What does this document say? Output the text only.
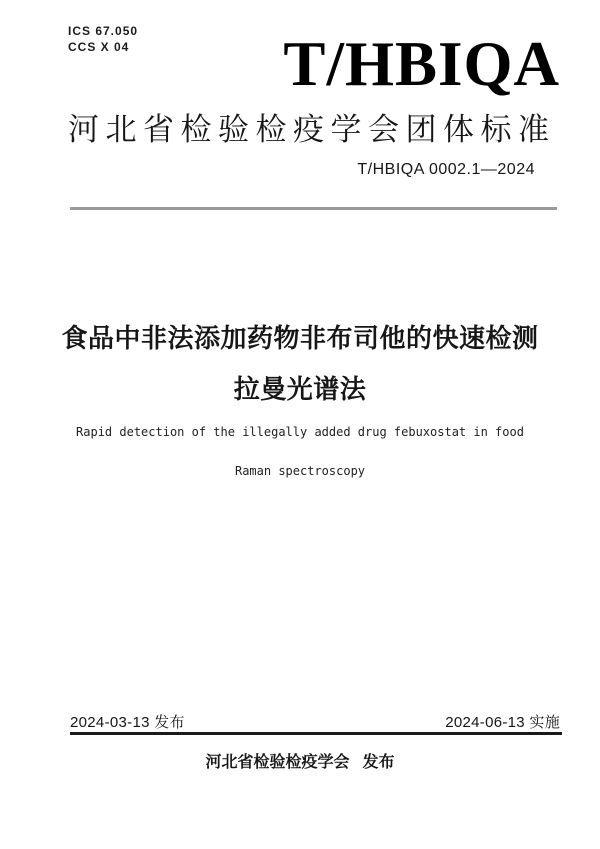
ICS 67.050
CCS X 04 T/HBIQA
河北省检验检疫学会团体标准
T/HBIQA 0002.1—2024
食品中非法添加药物非布司他的快速检测
拉曼光谱法
Rapid detection of the illegally added drug febuxostat in food
Raman spectroscopy
2024-03-13 发布	2024-06-13 实施
河北省检验检疫学会 发布
